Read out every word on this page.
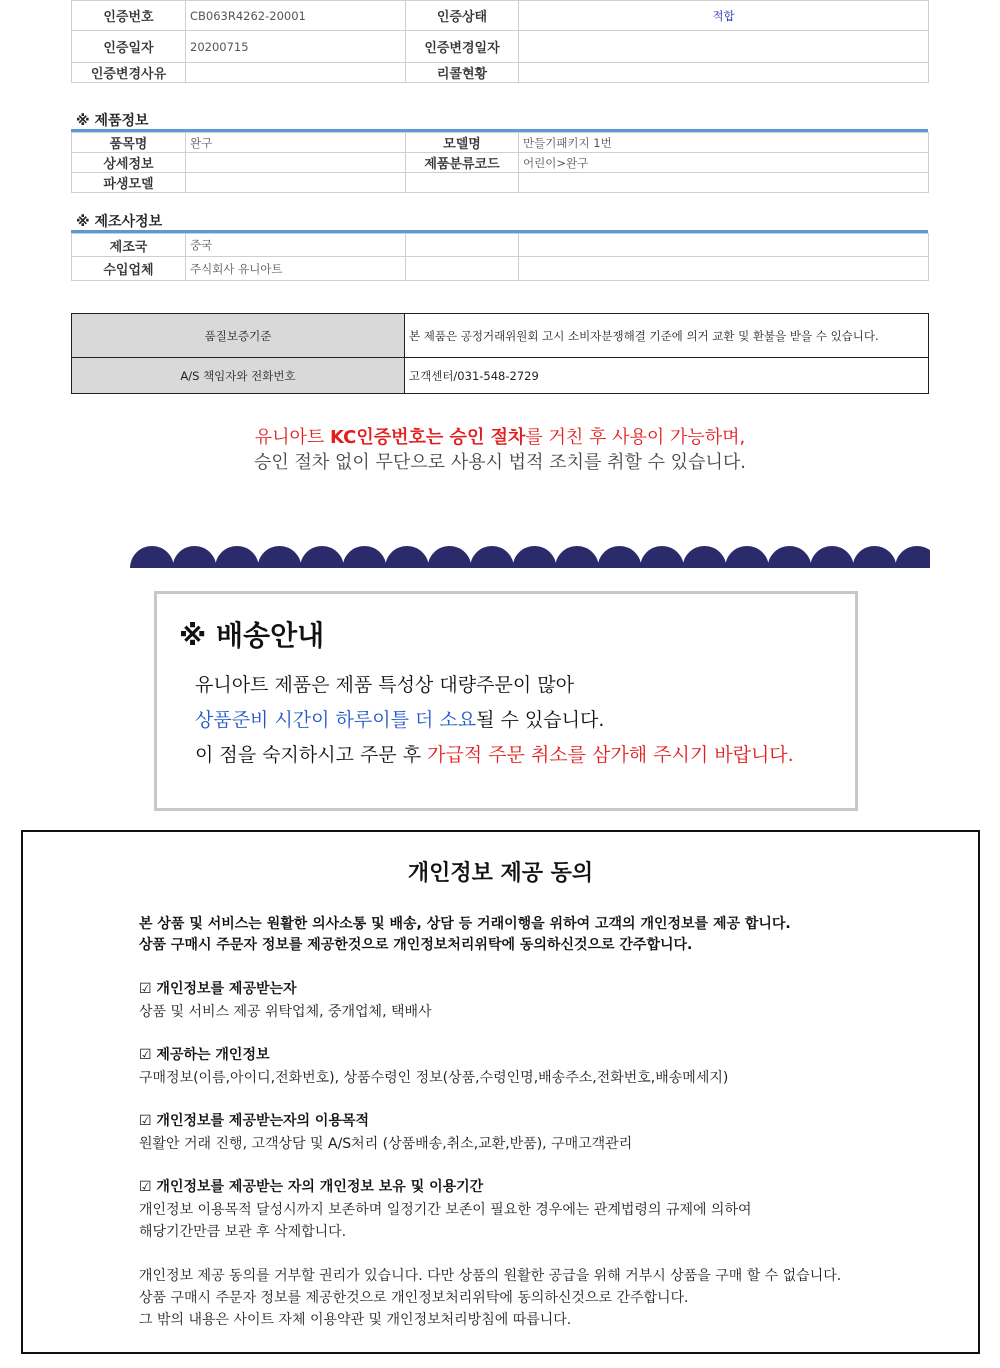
인증번호	CB063R4262-20001	인증상태	적합
인증일자	20200715	인증변경일자	
인증변경사유		리콜현황	
※ 제품정보
품목명	완구	모델명	만들기패키지 1번
상세정보		제품분류코드	어린이>완구
파생모델			
※ 제조사정보
제조국	중국		
수입업체	주식회사 유니아트		
품질보증기준	본 제품은 공정거래위원회 고시 소비자분쟁해결 기준에 의거 교환 및 환불을 받을 수 있습니다.
A/S 책임자와 전화번호	고객센터/031-548-2729
유니아트 KC인증번호는 승인 절차를 거친 후 사용이 가능하며,
승인 절차 없이 무단으로 사용시 법적 조치를 취할 수 있습니다.
※ 배송안내
유니아트 제품은 제품 특성상 대량주문이 많아
상품준비 시간이 하루이틀 더 소요될 수 있습니다.
이 점을 숙지하시고 주문 후 가급적 주문 취소를 삼가해 주시기 바랍니다.
개인정보 제공 동의
본 상품 및 서비스는 원활한 의사소통 및 배송, 상담 등 거래이행을 위하여 고객의 개인정보를 제공 합니다.
상품 구매시 주문자 정보를 제공한것으로 개인정보처리위탁에 동의하신것으로 간주합니다.
☑ 개인정보를 제공받는자
상품 및 서비스 제공 위탁업체, 중개업체, 택배사
☑ 제공하는 개인정보
구매정보(이름,아이디,전화번호), 상품수령인 정보(상품,수령인명,배송주소,전화번호,배송메세지)
☑ 개인정보를 제공받는자의 이용목적
원활안 거래 진행, 고객상담 및 A/S처리 (상품배송,취소,교환,반품), 구매고객관리
☑ 개인정보를 제공받는 자의 개인정보 보유 및 이용기간
개인정보 이용목적 달성시까지 보존하며 일정기간 보존이 필요한 경우에는 관계법령의 규제에 의하여
해당기간만큼 보관 후 삭제합니다.
개인정보 제공 동의를 거부할 권리가 있습니다. 다만 상품의 원활한 공급을 위해 거부시 상품을 구매 할 수 없습니다.
상품 구매시 주문자 정보를 제공한것으로 개인정보처리위탁에 동의하신것으로 간주합니다.
그 밖의 내용은 사이트 자체 이용약관 및 개인정보처리방침에 따릅니다.
